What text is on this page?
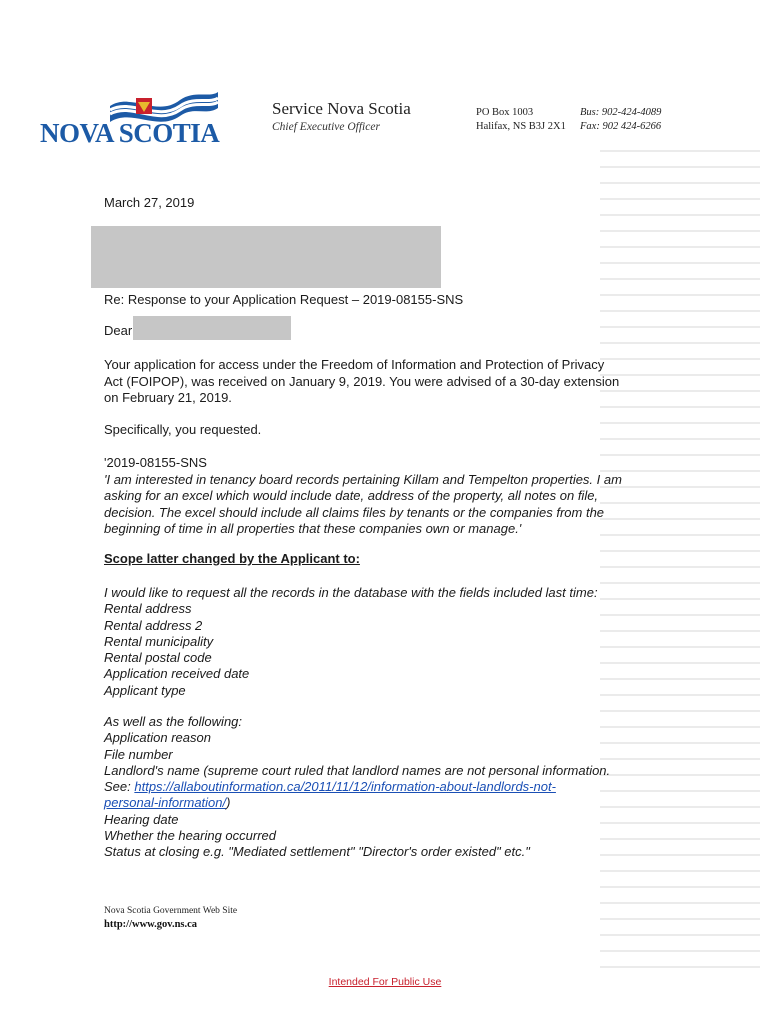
NOVA SCOTIA
Service Nova Scotia
Chief Executive Officer
PO Box 1003
Halifax, NS B3J 2X1
Bus: 902-424-4089
Fax: 902 424-6266
March 27, 2019
Re: Response to your Application Request – 2019-08155-SNS
Dear
Your application for access under the Freedom of Information and Protection of Privacy Act (FOIPOP), was received on January 9, 2019. You were advised of a 30-day extension on February 21, 2019.
Specifically, you requested.
'2019-08155-SNS
'I am interested in tenancy board records pertaining Killam and Tempelton properties. I am asking for an excel which would include date, address of the property, all notes on file, decision. The excel should include all claims files by tenants or the companies from the beginning of time in all properties that these companies own or manage.'
Scope latter changed by the Applicant to:
I would like to request all the records in the database with the fields included last time:
Rental address
Rental address 2
Rental municipality
Rental postal code
Application received date
Applicant type
As well as the following:
Application reason
File number
Landlord's name (supreme court ruled that landlord names are not personal information.
See: https://allaboutinformation.ca/2011/11/12/information-about-landlords-not-
personal-information/)
Hearing date
Whether the hearing occurred
Status at closing e.g. "Mediated settlement" "Director's order existed" etc."
Nova Scotia Government Web Site
http://www.gov.ns.ca
Intended For Public Use
